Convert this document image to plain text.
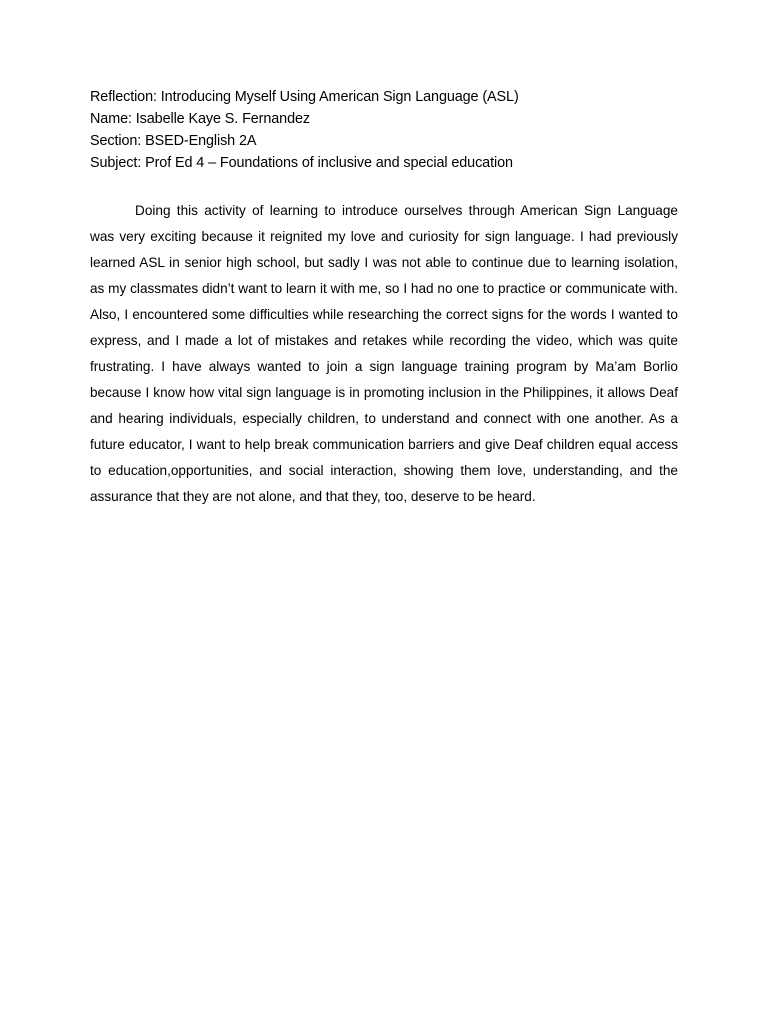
Reflection: Introducing Myself Using American Sign Language (ASL)
Name: Isabelle Kaye S. Fernandez
Section: BSED-English 2A
Subject: Prof Ed 4 – Foundations of inclusive and special education

Doing this activity of learning to introduce ourselves through American Sign Language was very exciting because it reignited my love and curiosity for sign language. I had previously learned ASL in senior high school, but sadly I was not able to continue due to learning isolation, as my classmates didn’t want to learn it with me, so I had no one to practice or communicate with. Also, I encountered some difficulties while researching the correct signs for the words I wanted to express, and I made a lot of mistakes and retakes while recording the video, which was quite frustrating. I have always wanted to join a sign language training program by Ma’am Borlio because I know how vital sign language is in promoting inclusion in the Philippines, it allows Deaf and hearing individuals, especially children, to understand and connect with one another. As a future educator, I want to help break communication barriers and give Deaf children equal access to education,opportunities, and social interaction, showing them love, understanding, and the assurance that they are not alone, and that they, too, deserve to be heard.
